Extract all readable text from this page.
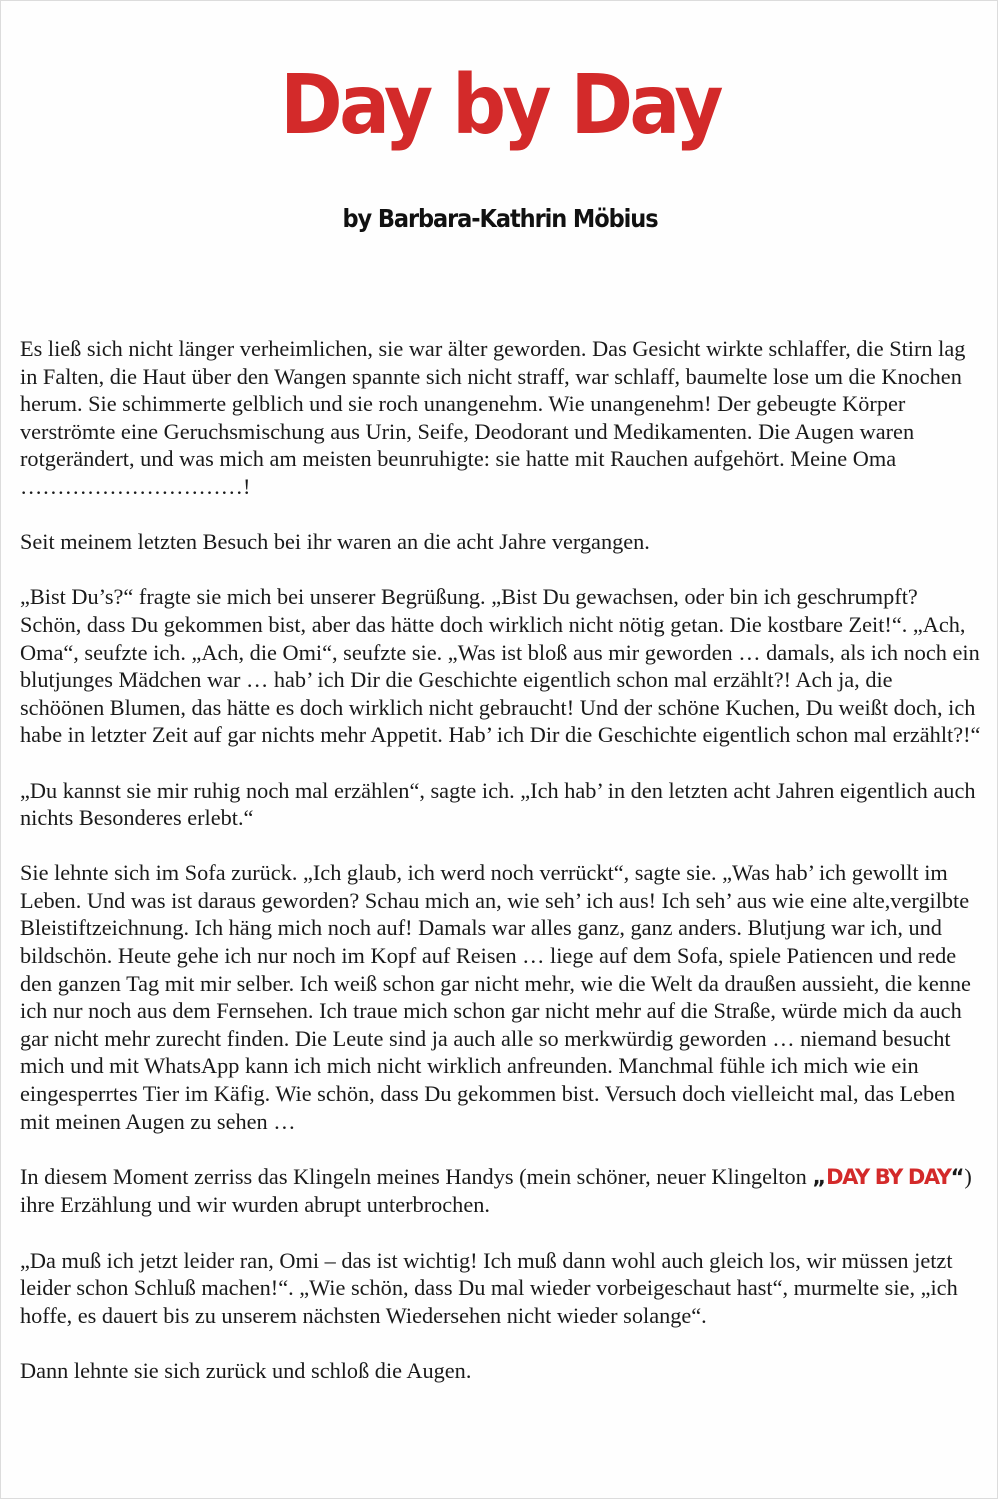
Day by Day
by Barbara-Kathrin Möbius

Es ließ sich nicht länger verheimlichen, sie war älter geworden. Das Gesicht wirkte schlaffer, die Stirn lag in Falten, die Haut über den Wangen spannte sich nicht straff, war schlaff, baumelte lose um die Knochen herum. Sie schimmerte gelblich und sie roch unangenehm. Wie unangenehm! Der gebeugte Körper verströmte eine Geruchsmischung aus Urin, Seife, Deodorant und Medikamenten. Die Augen waren rotgerändert, und was mich am meisten beunruhigte: sie hatte mit Rauchen aufgehört. Meine Oma …………………………!

Seit meinem letzten Besuch bei ihr waren an die acht Jahre vergangen.

„Bist Du’s?“ fragte sie mich bei unserer Begrüßung. „Bist Du gewachsen, oder bin ich geschrumpft? Schön, dass Du gekommen bist, aber das hätte doch wirklich nicht nötig getan. Die kostbare Zeit!“. „Ach, Oma“, seufzte ich. „Ach, die Omi“, seufzte sie. „Was ist bloß aus mir geworden … damals, als ich noch ein blutjunges Mädchen war … hab’ ich Dir die Geschichte eigentlich schon mal erzählt?! Ach ja, die schöönen Blumen, das hätte es doch wirklich nicht gebraucht! Und der schöne Kuchen, Du weißt doch, ich habe in letzter Zeit auf gar nichts mehr Appetit. Hab’ ich Dir die Geschichte eigentlich schon mal erzählt?!“

„Du kannst sie mir ruhig noch mal erzählen“, sagte ich. „Ich hab’ in den letzten acht Jahren eigentlich auch nichts Besonderes erlebt.“

Sie lehnte sich im Sofa zurück. „Ich glaub, ich werd noch verrückt“, sagte sie. „Was hab’ ich gewollt im Leben. Und was ist daraus geworden? Schau mich an, wie seh’ ich aus! Ich seh’ aus wie eine alte,vergilbte Bleistiftzeichnung. Ich häng mich noch auf! Damals war alles ganz, ganz anders. Blutjung war ich, und bildschön. Heute gehe ich nur noch im Kopf auf Reisen … liege auf dem Sofa, spiele Patiencen und rede den ganzen Tag mit mir selber. Ich weiß schon gar nicht mehr, wie die Welt da draußen aussieht, die kenne ich nur noch aus dem Fernsehen. Ich traue mich schon gar nicht mehr auf die Straße, würde mich da auch gar nicht mehr zurecht finden. Die Leute sind ja auch alle so merkwürdig geworden … niemand besucht mich und mit WhatsApp kann ich mich nicht wirklich anfreunden. Manchmal fühle ich mich wie ein eingesperrtes Tier im Käfig. Wie schön, dass Du gekommen bist. Versuch doch vielleicht mal, das Leben mit meinen Augen zu sehen …

In diesem Moment zerriss das Klingeln meines Handys (mein schöner, neuer Klingelton „DAY BY DAY“) ihre Erzählung und wir wurden abrupt unterbrochen.

„Da muß ich jetzt leider ran, Omi – das ist wichtig! Ich muß dann wohl auch gleich los, wir müssen jetzt leider schon Schluß machen!“. „Wie schön, dass Du mal wieder vorbeigeschaut hast“, murmelte sie, „ich hoffe, es dauert bis zu unserem nächsten Wiedersehen nicht wieder solange“.

Dann lehnte sie sich zurück und schloß die Augen.
